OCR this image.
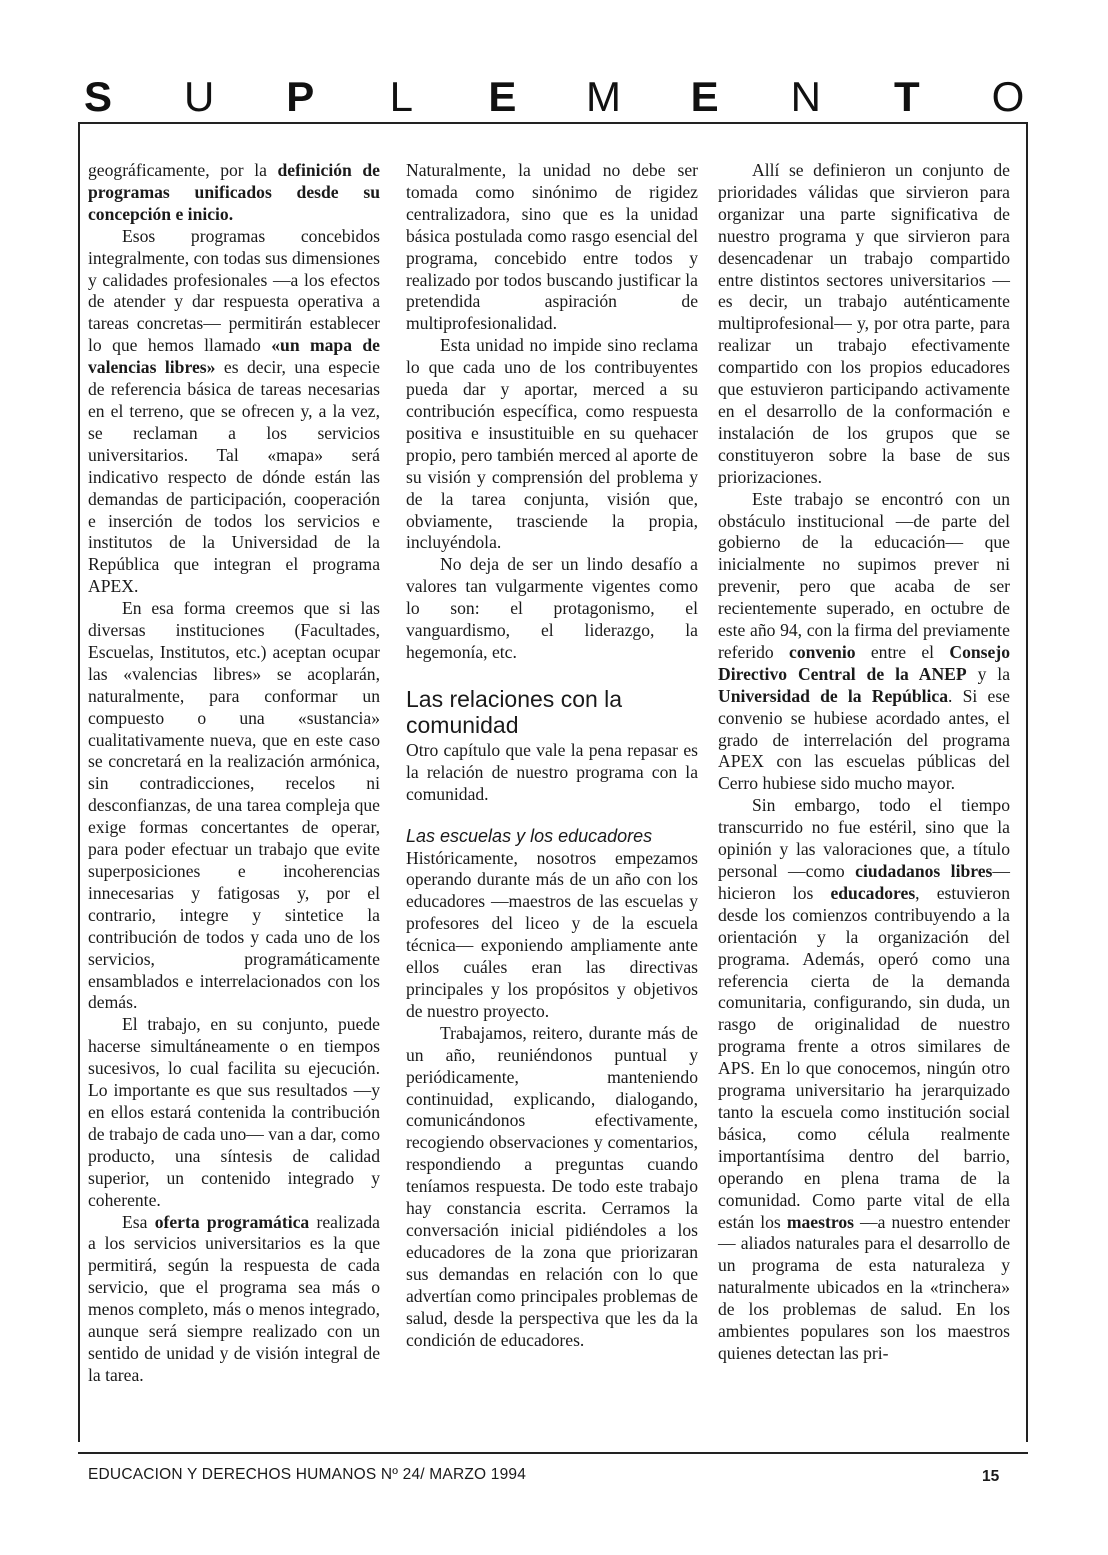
S U P L E M E N T O

geográficamente, por la definición de programas unificados desde su concepción e inicio.

Esos programas concebidos integralmente, con todas sus dimensiones y calidades profesionales —a los efectos de atender y dar respuesta operativa a tareas concretas— permitirán establecer lo que hemos llamado «un mapa de valencias libres» es decir, una especie de referencia básica de tareas necesarias en el terreno, que se ofrecen y, a la vez, se reclaman a los servicios universitarios. Tal «mapa» será indicativo respecto de dónde están las demandas de participación, cooperación e inserción de todos los servicios e institutos de la Universidad de la República que integran el programa APEX.

En esa forma creemos que si las diversas instituciones (Facultades, Escuelas, Institutos, etc.) aceptan ocupar las «valencias libres» se acoplarán, naturalmente, para conformar un compuesto o una «sustancia» cualitativamente nueva, que en este caso se concretará en la realización armónica, sin contradicciones, recelos ni desconfianzas, de una tarea compleja que exige formas concertantes de operar, para poder efectuar un trabajo que evite superposiciones e incoherencias innecesarias y fatigosas y, por el contrario, integre y sintetice la contribución de todos y cada uno de los servicios, programáticamente ensamblados e interrelacionados con los demás.

El trabajo, en su conjunto, puede hacerse simultáneamente o en tiempos sucesivos, lo cual facilita su ejecución. Lo importante es que sus resultados —y en ellos estará contenida la contribución de trabajo de cada uno— van a dar, como producto, una síntesis de calidad superior, un contenido integrado y coherente.

Esa oferta programática realizada a los servicios universitarios es la que permitirá, según la respuesta de cada servicio, que el programa sea más o menos completo, más o menos integrado, aunque será siempre realizado con un sentido de unidad y de visión integral de la tarea.

Naturalmente, la unidad no debe ser tomada como sinónimo de rigidez centralizadora, sino que es la unidad básica postulada como rasgo esencial del programa, concebido entre todos y realizado por todos buscando justificar la pretendida aspiración de multiprofesionalidad.

Esta unidad no impide sino reclama lo que cada uno de los contribuyentes pueda dar y aportar, merced a su contribución específica, como respuesta positiva e insustituible en su quehacer propio, pero también merced al aporte de su visión y comprensión del problema y de la tarea conjunta, visión que, obviamente, trasciende la propia, incluyéndola.

No deja de ser un lindo desafío a valores tan vulgarmente vigentes como lo son: el protagonismo, el vanguardismo, el liderazgo, la hegemonía, etc.

Las relaciones con la comunidad

Otro capítulo que vale la pena repasar es la relación de nuestro programa con la comunidad.

Las escuelas y los educadores

Históricamente, nosotros empezamos operando durante más de un año con los educadores —maestros de las escuelas y profesores del liceo y de la escuela técnica— exponiendo ampliamente ante ellos cuáles eran las directivas principales y los propósitos y objetivos de nuestro proyecto.

Trabajamos, reitero, durante más de un año, reuniéndonos puntual y periódicamente, manteniendo continuidad, explicando, dialogando, comunicándonos efectivamente, recogiendo observaciones y comentarios, respondiendo a preguntas cuando teníamos respuesta. De todo este trabajo hay constancia escrita. Cerramos la conversación inicial pidiéndoles a los educadores de la zona que priorizaran sus demandas en relación con lo que advertían como principales problemas de salud, desde la perspectiva que les da la condición de educadores.

Allí se definieron un conjunto de prioridades válidas que sirvieron para organizar una parte significativa de nuestro programa y que sirvieron para desencadenar un trabajo compartido entre distintos sectores universitarios —es decir, un trabajo auténticamente multiprofesional— y, por otra parte, para realizar un trabajo efectivamente compartido con los propios educadores que estuvieron participando activamente en el desarrollo de la conformación e instalación de los grupos que se constituyeron sobre la base de sus priorizaciones.

Este trabajo se encontró con un obstáculo institucional —de parte del gobierno de la educación— que inicialmente no supimos prever ni prevenir, pero que acaba de ser recientemente superado, en octubre de este año 94, con la firma del previamente referido convenio entre el Consejo Directivo Central de la ANEP y la Universidad de la República. Si ese convenio se hubiese acordado antes, el grado de interrelación del programa APEX con las escuelas públicas del Cerro hubiese sido mucho mayor.

Sin embargo, todo el tiempo transcurrido no fue estéril, sino que la opinión y las valoraciones que, a título personal —como ciudadanos libres— hicieron los educadores, estuvieron desde los comienzos contribuyendo a la orientación y la organización del programa. Además, operó como una referencia cierta de la demanda comunitaria, configurando, sin duda, un rasgo de originalidad de nuestro programa frente a otros similares de APS. En lo que conocemos, ningún otro programa universitario ha jerarquizado tanto la escuela como institución social básica, como célula realmente importantísima dentro del barrio, operando en plena trama de la comunidad. Como parte vital de ella están los maestros —a nuestro entender— aliados naturales para el desarrollo de un programa de esta naturaleza y naturalmente ubicados en la «trinchera» de los problemas de salud. En los ambientes populares son los maestros quienes detectan las pri-

EDUCACION Y DERECHOS HUMANOS Nº 24/ MARZO 1994	15
